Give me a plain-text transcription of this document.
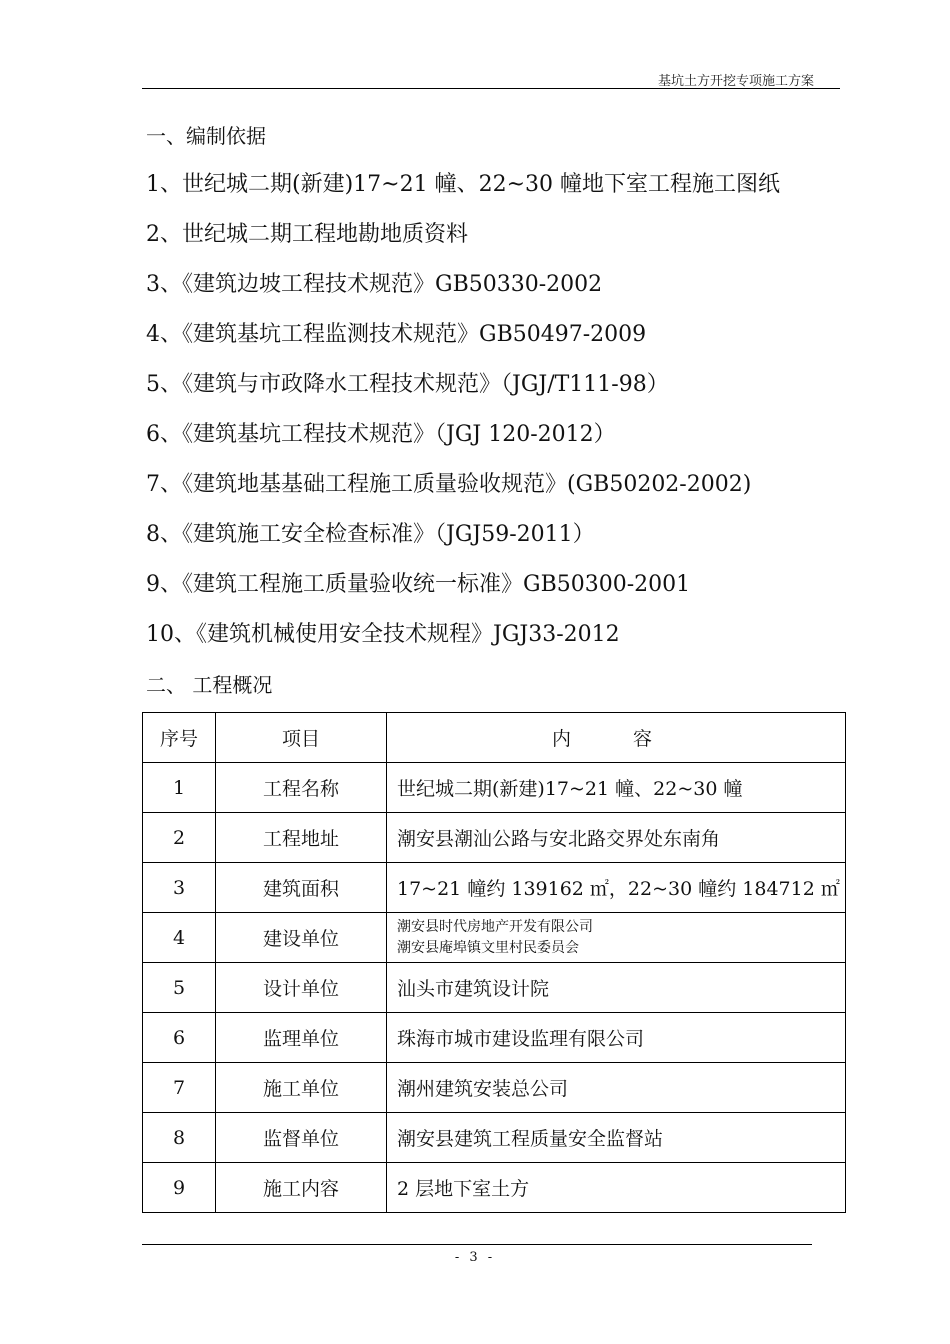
基坑土方开挖专项施工方案
一、编制依据
1、世纪城二期(新建)17~21 幢、22~30 幢地下室工程施工图纸
2、世纪城二期工程地勘地质资料
3、《建筑边坡工程技术规范》GB50330-2002
4、《建筑基坑工程监测技术规范》GB50497-2009
5、《建筑与市政降水工程技术规范》（JGJ/T111-98）
6、《建筑基坑工程技术规范》（JGJ 120-2012）
7、《建筑地基基础工程施工质量验收规范》(GB50202-2002)
8、《建筑施工安全检查标准》（JGJ59-2011）
9、《建筑工程施工质量验收统一标准》GB50300-2001
10、《建筑机械使用安全技术规程》JGJ33-2012
二、 工程概况
序号	项目	内 容
1	工程名称	世纪城二期(新建)17~21 幢、22~30 幢
2	工程地址	潮安县潮汕公路与安北路交界处东南角
3	建筑面积	17~21 幢约 139162 ㎡，22~30 幢约 184712 ㎡
4	建设单位	潮安县时代房地产开发有限公司
潮安县庵埠镇文里村民委员会

5	设计单位	汕头市建筑设计院
6	监理单位	珠海市城市建设监理有限公司
7	施工单位	潮州建筑安装总公司
8	监督单位	潮安县建筑工程质量安全监督站
9	施工内容	2 层地下室土方
- 3 -
